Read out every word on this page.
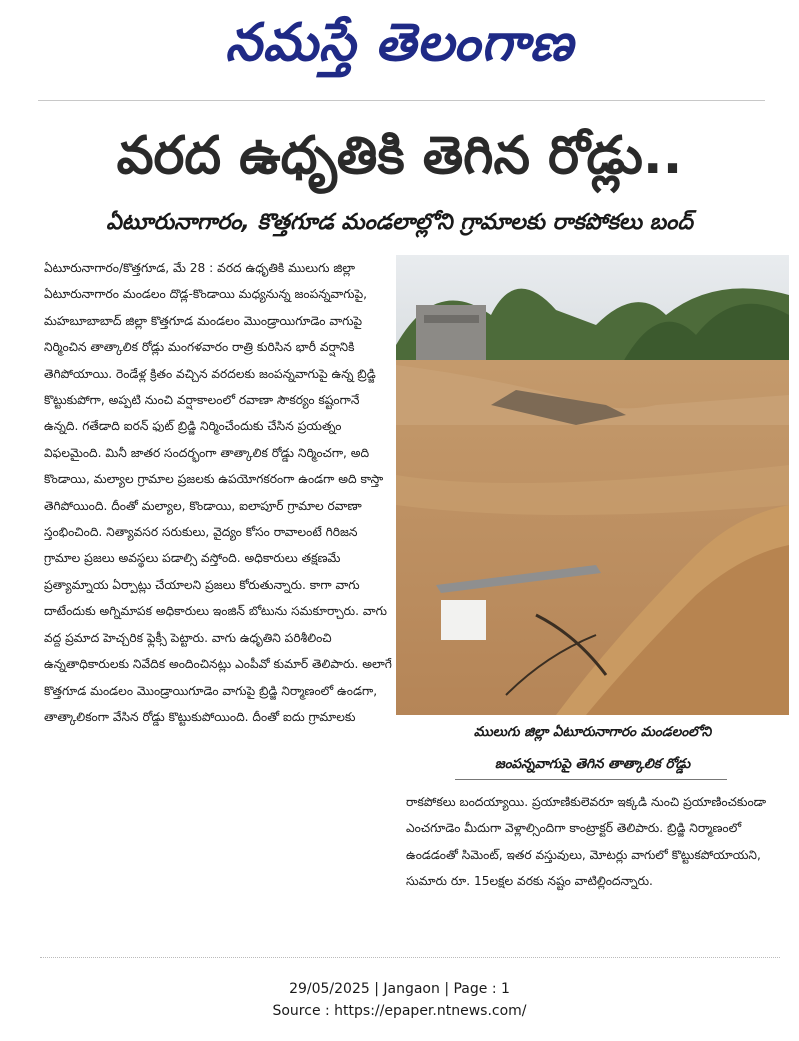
నమస్తే తెలంగాణ
వరద ఉధృతికి తెగిన రోడ్లు..
ఏటూరునాగారం, కొత్తగూడ మండలాల్లోని గ్రామాలకు రాకపోకలు బంద్

ఏటూరునాగారం/కొత్తగూడ, మే 28 : వరద ఉధృతికి ములుగు జిల్లా ఏటూరునాగారం మండలం దొడ్ల-కొండాయి మధ్యనున్న జంపన్నవాగుపై, మహబూబాబాద్ జిల్లా కొత్తగూడ మండలం మొండ్రాయిగూడెం వాగుపై నిర్మించిన తాత్కాలిక రోడ్లు మంగళవారం రాత్రి కురిసిన భారీ వర్షానికి తెగిపోయాయి. రెండేళ్ల క్రితం వచ్చిన వరదలకు జంపన్నవాగుపై ఉన్న బ్రిడ్జి కొట్టుకుపోగా, అప్పటి నుంచి వర్షాకాలంలో రవాణా సౌకర్యం కష్టంగానే ఉన్నది. గతేడాది ఐరన్ ఫుట్ బ్రిడ్జి నిర్మించేందుకు చేసిన ప్రయత్నం విఫలమైంది. మినీ జాతర సందర్భంగా తాత్కాలిక రోడ్డు నిర్మించగా, అది కొండాయి, మల్యాల గ్రామాల ప్రజలకు ఉపయోగకరంగా ఉండగా అది కాస్తా తెగిపోయింది. దీంతో మల్యాల, కొండాయి, ఐలాపూర్ గ్రామాల రవాణా స్తంభించింది. నిత్యావసర సరుకులు, వైద్యం కోసం రావాలంటే గిరిజన గ్రామాల ప్రజలు అవస్థలు పడాల్సి వస్తోంది. అధికారులు తక్షణమే ప్రత్యామ్నాయ ఏర్పాట్లు చేయాలని ప్రజలు కోరుతున్నారు. కాగా వాగు దాటేందుకు అగ్నిమాపక అధికారులు ఇంజిన్ బోటును సమకూర్చారు. వాగు వద్ద ప్రమాద హెచ్చరిక ఫ్లెక్సీ పెట్టారు. వాగు ఉధృతిని పరిశీలించి ఉన్నతాధికారులకు నివేదిక అందించినట్లు ఎంపీవో కుమార్ తెలిపారు. అలాగే కొత్తగూడ మండలం మొండ్రాయిగూడెం వాగుపై బ్రిడ్జి నిర్మాణంలో ఉండగా, తాత్కాలికంగా వేసిన రోడ్డు కొట్టుకుపోయింది. దీంతో ఐదు గ్రామాలకు

ములుగు జిల్లా ఏటూరునాగారం మండలంలోని
జంపన్నవాగుపై తెగిన తాత్కాలిక రోడ్డు

రాకపోకలు బందయ్యాయి. ప్రయాణికులెవరూ ఇక్కడి నుంచి ప్రయాణించకుండా ఎంచగూడెం మీదుగా వెళ్లాల్సిందిగా కాంట్రాక్టర్ తెలిపారు. బ్రిడ్జి నిర్మాణంలో ఉండడంతో సిమెంట్, ఇతర వస్తువులు, మోటర్లు వాగులో కొట్టుకపోయాయని, సుమారు రూ. 15లక్షల వరకు నష్టం వాటిల్లిందన్నారు.

29/05/2025 | Jangaon | Page : 1
Source : https://epaper.ntnews.com/
